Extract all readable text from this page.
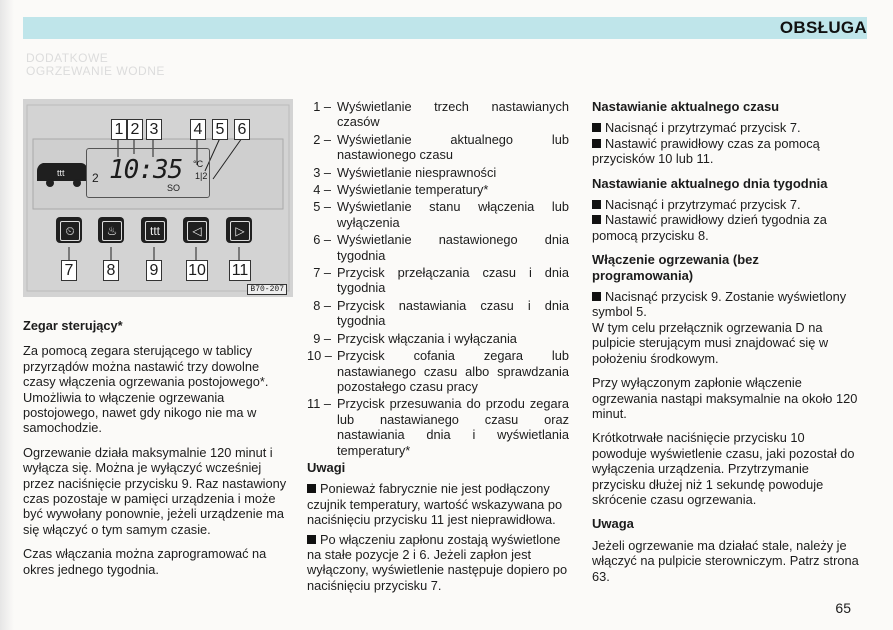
OBSŁUGA
DODATKOWE
OGRZEWANIE WODNE
ttt
1 2 3 4 5 6
2 10:35 °C
1|2
SO
⏲	♨	ttt	◁	▷
7 8 9 10 11
B70-207

Zegar sterujący*

Za pomocą zegara sterującego w tablicy przyrządów można nastawić trzy dowolne czasy włączenia ogrzewania postojowego*. Umożliwia to włączenie ogrzewania postojowego, nawet gdy nikogo nie ma w samochodzie.

Ogrzewanie działa maksymalnie 120 minut i wyłącza się. Można je wyłączyć wcześniej przez naciśnięcie przycisku 9. Raz nastawiony czas pozostaje w pamięci urządzenia i może być wywołany ponownie, jeżeli urządzenie ma się włączyć o tym samym czasie.

Czas włączania można zaprogramować na okres jednego tygodnia.

1 – Wyświetlanie trzech nastawianych czasów
2 – Wyświetlanie aktualnego lub nastawionego czasu
3 – Wyświetlanie niesprawności
4 – Wyświetlanie temperatury*
5 – Wyświetlanie stanu włączenia lub wyłączenia
6 – Wyświetlanie nastawionego dnia tygodnia
7 – Przycisk przełączania czasu i dnia tygodnia
8 – Przycisk nastawiania czasu i dnia tygodnia
9 – Przycisk włączania i wyłączania
10 – Przycisk cofania zegara lub nastawianego czasu albo sprawdzania pozostałego czasu pracy
11 – Przycisk przesuwania do przodu zegara lub nastawianego czasu oraz nastawiania dnia i wyświetlania temperatury*
Uwagi

Ponieważ fabrycznie nie jest podłączony czujnik temperatury, wartość wskazywana po naciśnięciu przycisku 11 jest nieprawidłowa.

Po włączeniu zapłonu zostają wyświetlone na stałe pozycje 2 i 6. Jeżeli zapłon jest wyłączony, wyświetlenie następuje dopiero po naciśnięciu przycisku 7.

Nastawianie aktualnego czasu

Nacisnąć i przytrzymać przycisk 7.

Nastawić prawidłowy czas za pomocą przycisków 10 lub 11.

Nastawianie aktualnego dnia tygodnia

Nacisnąć i przytrzymać przycisk 7.

Nastawić prawidłowy dzień tygodnia za pomocą przycisku 8.

Włączenie ogrzewania (bez programowania)

Nacisnąć przycisk 9. Zostanie wyświetlony symbol 5.

W tym celu przełącznik ogrzewania D na pulpicie sterującym musi znajdować się w położeniu środkowym.

Przy wyłączonym zapłonie włączenie ogrzewania nastąpi maksymalnie na około 120 minut.

Krótkotrwałe naciśnięcie przycisku 10 powoduje wyświetlenie czasu, jaki pozostał do wyłączenia urządzenia. Przytrzymanie przycisku dłużej niż 1 sekundę powoduje skrócenie czasu ogrzewania.

Uwaga

Jeżeli ogrzewanie ma działać stale, należy je włączyć na pulpicie sterowniczym. Patrz strona 63.

65
